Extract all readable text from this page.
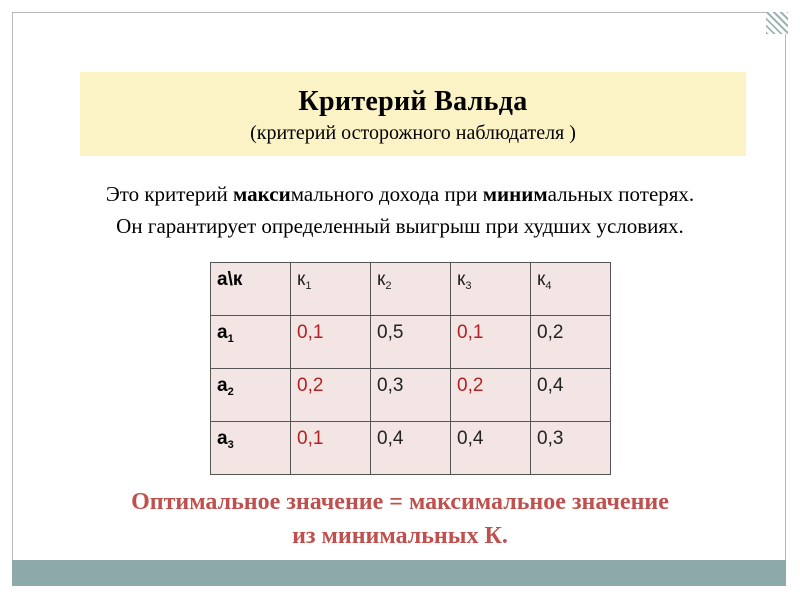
Критерий Вальда
(критерий осторожного наблюдателя )
Это критерий максимального дохода при минимальных потерях.
Он гарантирует определенный выигрыш при худших условиях.
а\к	$к_1$	$к_2$	$к_3$	$к_4$
$а_1$	0,1	0,5	0,1	0,2
$а_2$	0,2	0,3	0,2	0,4
$а_3$	0,1	0,4	0,4	0,3
Оптимальное значение = максимальное значение
из минимальных К.
